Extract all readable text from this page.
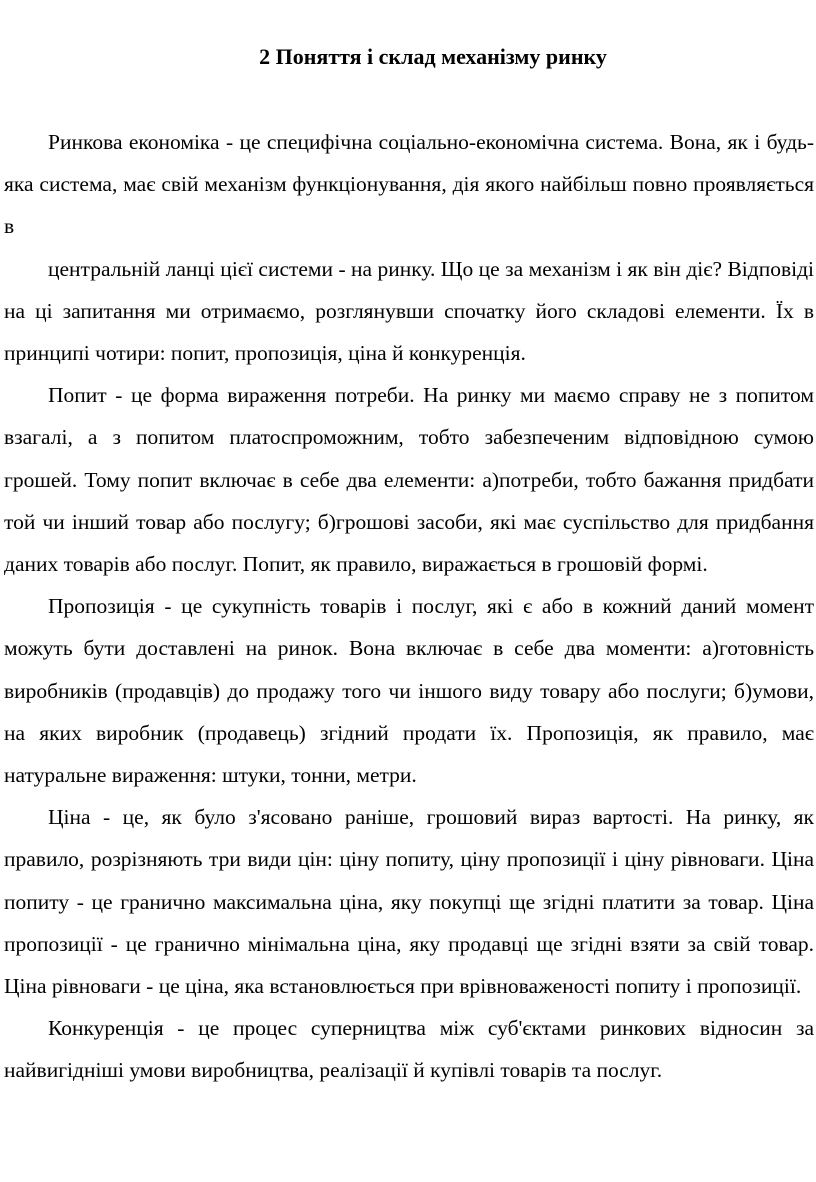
2 Поняття і склад механізму ринку

Ринкова економіка - це специфічна соціально-економічна система. Вона, як і будь-яка система, має свій механізм функціонування, дія якого найбільш повно проявляється в

центральній ланці цієї системи - на ринку. Що це за механізм і як він діє? Відповіді на ці запитання ми отримаємо, розглянувши спочатку його складові елементи. Їх в принципі чотири: попит, пропозиція, ціна й конкуренція.

Попит - це форма вираження потреби. На ринку ми маємо справу не з попитом взагалі, а з попитом платоспроможним, тобто забезпеченим відповідною сумою грошей. Тому попит включає в себе два елементи: а)потреби, тобто бажання придбати той чи інший товар або послугу; б)грошові засоби, які має суспільство для придбання даних товарів або послуг. Попит, як правило, виражається в грошовій формі.

Пропозиція - це сукупність товарів і послуг, які є або в кожний даний момент можуть бути доставлені на ринок. Вона включає в себе два моменти: а)готовність виробників (продавців) до продажу того чи іншого виду товару або послуги; б)умови, на яких виробник (продавець) згідний продати їх. Пропозиція, як правило, має натуральне вираження: штуки, тонни, метри.

Ціна - це, як було з'ясовано раніше, грошовий вираз вартості. На ринку, як правило, розрізняють три види цін: ціну попиту, ціну пропозиції і ціну рівноваги. Ціна попиту - це гранично максимальна ціна, яку покупці ще згідні платити за товар. Ціна пропозиції - це гранично мінімальна ціна, яку продавці ще згідні взяти за свій товар. Ціна рівноваги - це ціна, яка встановлюється при врівноваженості попиту і пропозиції.

Конкуренція - це процес суперництва між суб'єктами ринкових відносин за найвигідніші умови виробництва, реалізації й купівлі товарів та послуг.
